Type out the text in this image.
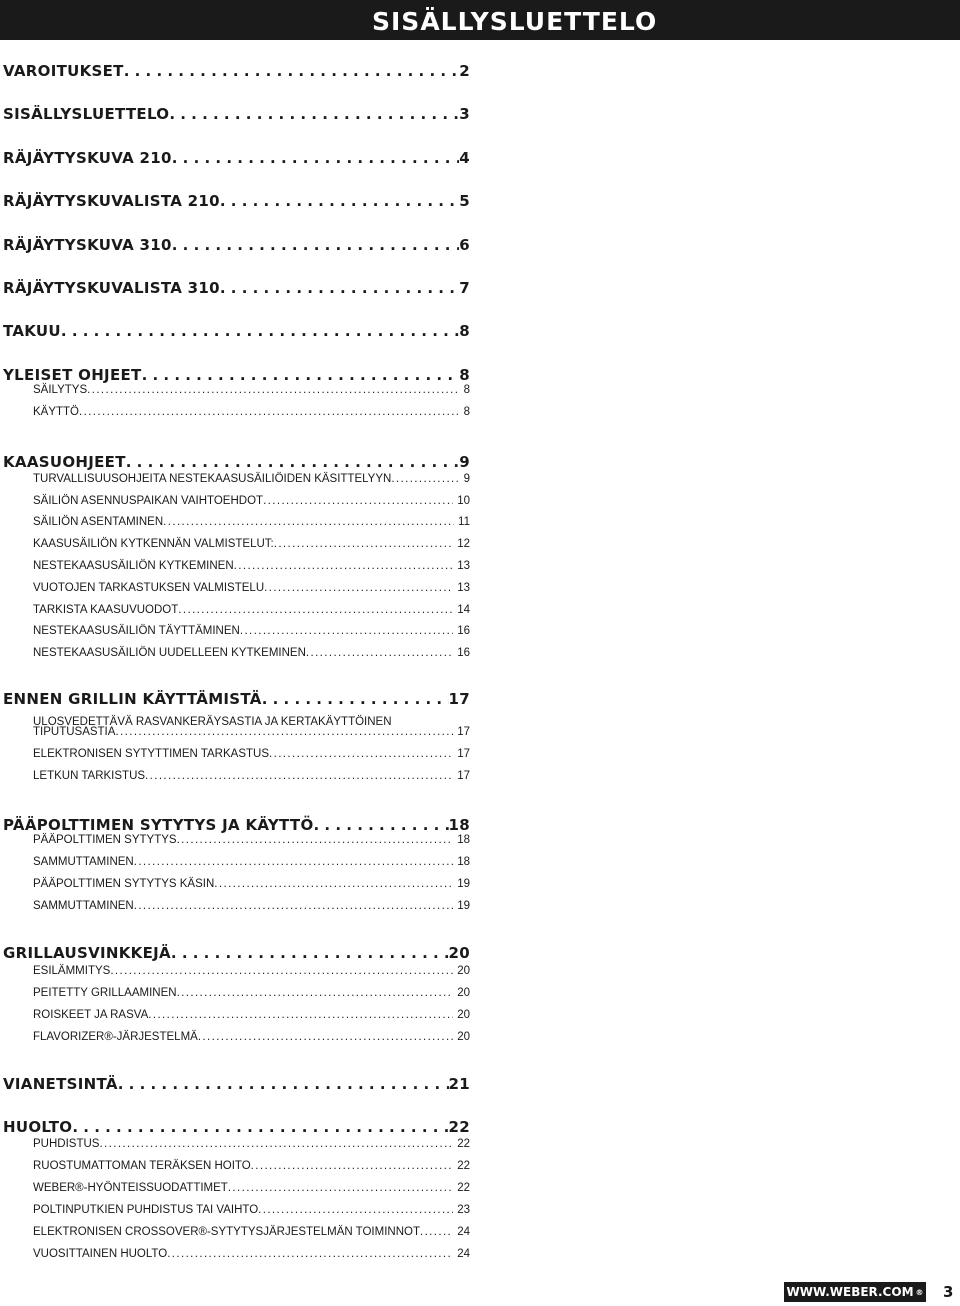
SISÄLLYSLUETTELO
VAROITUKSET . . .	2
SISÄLLYSLUETTELO . . .	3
RÄJÄYTYSKUVA 210 . . .	4
RÄJÄYTYSKUVALISTA 210 . . .	5
RÄJÄYTYSKUVA 310 . . .	6
RÄJÄYTYSKUVALISTA 310 . . .	7
TAKUU . . .	8
YLEISET OHJEET . . .	8
SÄILYTYS .....	8
KÄYTTÖ .....	8
KAASUOHJEET . . .	9
TURVALLISUUSOHJEITA NESTEKAASUSÄILIÖIDEN KÄSITTELYYN .....	9
SÄILIÖN ASENNUSPAIKAN VAIHTOEHDOT .....	10
SÄILIÖN ASENTAMINEN .....	11
KAASUSÄILIÖN KYTKENNÄN VALMISTELUT: .....	12
NESTEKAASUSÄILIÖN KYTKEMINEN .....	13
VUOTOJEN TARKASTUKSEN VALMISTELU .....	13
TARKISTA KAASUVUODOT .....	14
NESTEKAASUSÄILIÖN TÄYTTÄMINEN .....	16
NESTEKAASUSÄILIÖN UUDELLEEN KYTKEMINEN .....	16
ENNEN GRILLIN KÄYTTÄMISTÄ . . .	17
ULOSVEDETTÄVÄ RASVANKERÄYSASTIA JA KERTAKÄYTTÖINEN
TIPUTUSASTIA .....	17
ELEKTRONISEN SYTYTTIMEN TARKASTUS .....	17
LETKUN TARKISTUS .....	17
PÄÄPOLTTIMEN SYTYTYS JA KÄYTTÖ . . .	18
PÄÄPOLTTIMEN SYTYTYS .....	18
SAMMUTTAMINEN .....	18
PÄÄPOLTTIMEN SYTYTYS KÄSIN .....	19
SAMMUTTAMINEN .....	19
GRILLAUSVINKKEJÄ . . .	20
ESILÄMMITYS .....	20
PEITETTY GRILLAAMINEN .....	20
ROISKEET JA RASVA .....	20
FLAVORIZER®-JÄRJESTELMÄ .....	20
VIANETSINTÄ . . .	21
HUOLTO . . .	22
PUHDISTUS .....	22
RUOSTUMATTOMAN TERÄKSEN HOITO .....	22
WEBER®-HYÖNTEISSUODATTIMET .....	22
POLTINPUTKIEN PUHDISTUS TAI VAIHTO .....	23
ELEKTRONISEN CROSSOVER®-SYTYTYSJÄRJESTELMÄN TOIMINNOT .....	24
VUOSITTAINEN HUOLTO .....	24
WWW.WEBER.COM ® 3
